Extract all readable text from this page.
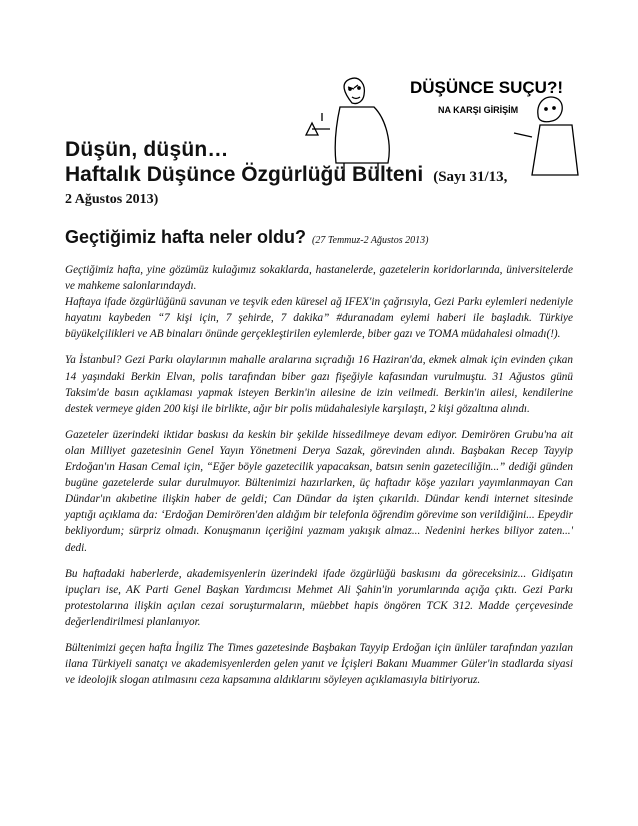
DÜŞÜNCE SUÇU?!
NA KARŞI GİRİŞİM
Düşün, düşün…
Haftalık Düşünce Özgürlüğü Bülteni (Sayı 31/13,
2 Ağustos 2013)
Geçtiğimiz hafta neler oldu? (27 Temmuz-2 Ağustos 2013)

Geçtiğimiz hafta, yine gözümüz kulağımız sokaklarda, hastanelerde, gazetelerin koridorlarında, üniversitelerde ve mahkeme salonlarındaydı.

Haftaya ifade özgürlüğünü savunan ve teşvik eden küresel ağ IFEX'in çağrısıyla, Gezi Parkı eylemleri nedeniyle hayatını kaybeden “7 kişi için, 7 şehirde, 7 dakika” #duranadam eylemi haberi ile başladık. Türkiye büyükelçilikleri ve AB binaları önünde gerçekleştirilen eylemlerde, biber gazı ve TOMA müdahalesi olmadı(!).

Ya İstanbul? Gezi Parkı olaylarının mahalle aralarına sıçradığı 16 Haziran'da, ekmek almak için evinden çıkan 14 yaşındaki Berkin Elvan, polis tarafından biber gazı fişeğiyle kafasından vurulmuştu. 31 Ağustos günü Taksim'de basın açıklaması yapmak isteyen Berkin'in ailesine de izin veilmedi. Berkin'in ailesi, kendilerine destek vermeye giden 200 kişi ile birlikte, ağır bir polis müdahalesiyle karşılaştı, 2 kişi gözaltına alındı.

Gazeteler üzerindeki iktidar baskısı da keskin bir şekilde hissedilmeye devam ediyor. Demirören Grubu'na ait olan Milliyet gazetesinin Genel Yayın Yönetmeni Derya Sazak, görevinden alındı. Başbakan Recep Tayyip Erdoğan'ın Hasan Cemal için, “Eğer böyle gazetecilik yapacaksan, batsın senin gazeteciliğin...” dediği günden bugüne gazetelerde sular durulmuyor. Bültenimizi hazırlarken, üç haftadır köşe yazıları yayımlanmayan Can Dündar'ın akıbetine ilişkin haber de geldi; Can Dündar da işten çıkarıldı. Dündar kendi internet sitesinde yaptığı açıklama da: ‘Erdoğan Demirören'den aldığım bir telefonla öğrendim görevime son verildiğini... Epeydir bekliyordum; sürpriz olmadı. Konuşmanın içeriğini yazmam yakışık almaz... Nedenini herkes biliyor zaten...' dedi.

Bu haftadaki haberlerde, akademisyenlerin üzerindeki ifade özgürlüğü baskısını da göreceksiniz... Gidişatın ipuçları ise, AK Parti Genel Başkan Yardımcısı Mehmet Ali Şahin'in yorumlarında açığa çıktı. Gezi Parkı protestolarına ilişkin açılan cezai soruşturmaların, müebbet hapis öngören TCK 312. Madde çerçevesinde değerlendirilmesi planlanıyor.

Bültenimizi geçen hafta İngiliz The Times gazetesinde Başbakan Tayyip Erdoğan için ünlüler tarafından yazılan ilana Türkiyeli sanatçı ve akademisyenlerden gelen yanıt ve İçişleri Bakanı Muammer Güler'in stadlarda siyasi ve ideolojik slogan atılmasını ceza kapsamına aldıklarını söyleyen açıklamasıyla bitiriyoruz.
